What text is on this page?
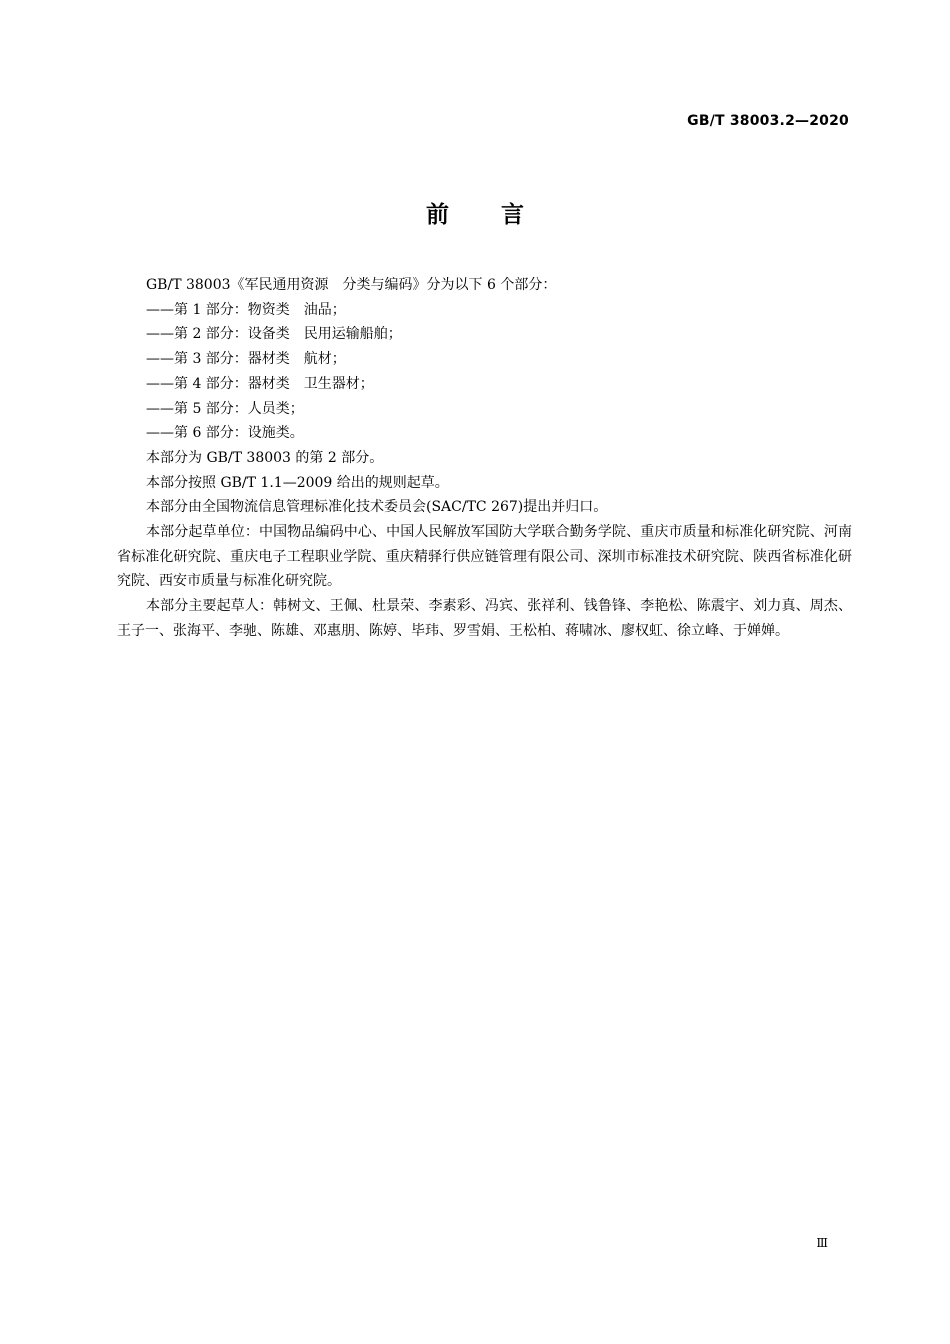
GB/T 38003.2—2020
前 言

GB/T 38003《军民通用资源　分类与编码》分为以下 6 个部分：

——第 1 部分：物资类　油品；

——第 2 部分：设备类　民用运输船舶；

——第 3 部分：器材类　航材；

——第 4 部分：器材类　卫生器材；

——第 5 部分：人员类；

——第 6 部分：设施类。

本部分为 GB/T 38003 的第 2 部分。

本部分按照 GB/T 1.1—2009 给出的规则起草。

本部分由全国物流信息管理标准化技术委员会(SAC/TC 267)提出并归口。

本部分起草单位：中国物品编码中心、中国人民解放军国防大学联合勤务学院、重庆市质量和标准化研究院、河南省标准化研究院、重庆电子工程职业学院、重庆精驿行供应链管理有限公司、深圳市标准技术研究院、陕西省标准化研究院、西安市质量与标准化研究院。

本部分主要起草人：韩树文、王佩、杜景荣、李素彩、冯宾、张祥利、钱鲁锋、李艳松、陈震宇、刘力真、周杰、王子一、张海平、李驰、陈雄、邓惠朋、陈婷、毕玮、罗雪娟、王松柏、蒋啸冰、廖权虹、徐立峰、于婵婵。

Ⅲ
